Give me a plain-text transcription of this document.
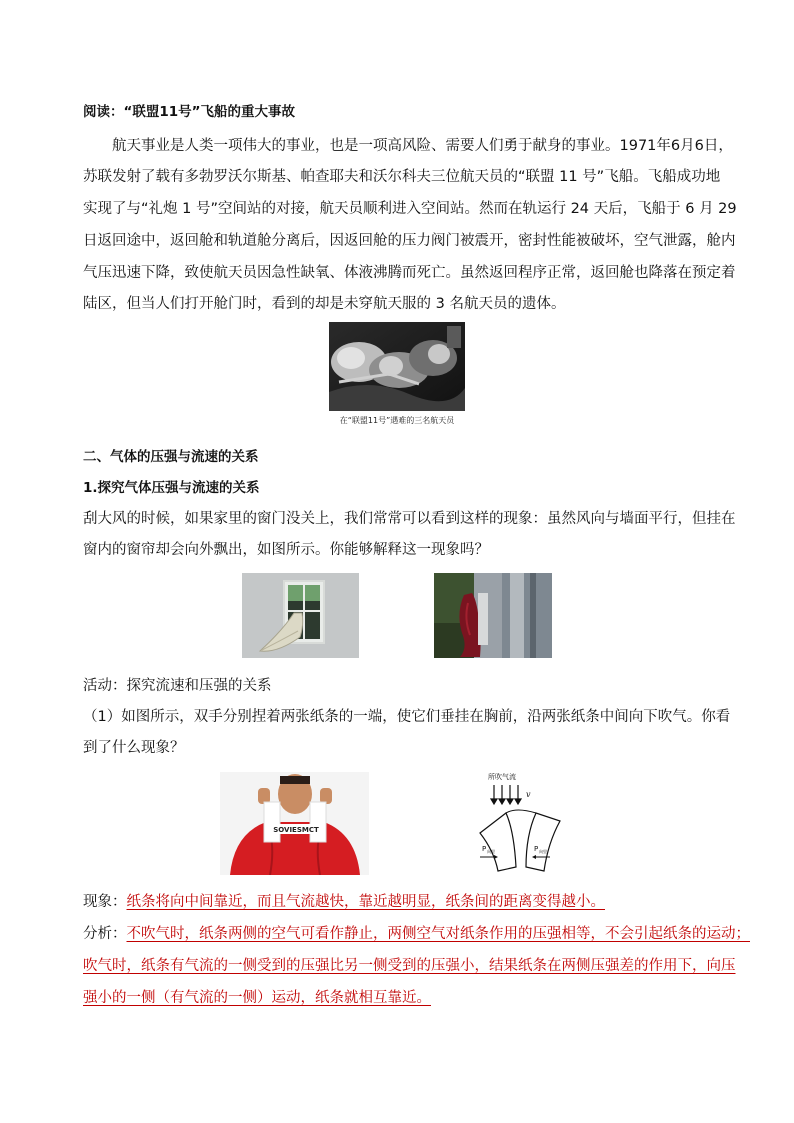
阅读：“联盟11号”飞船的重大事故
航天事业是人类一项伟大的事业，也是一项高风险、需要人们勇于献身的事业。1971年6月6日，
苏联发射了载有多勃罗沃尔斯基、帕查耶夫和沃尔科夫三位航天员的“联盟 11 号”飞船。飞船成功地
实现了与“礼炮 1 号”空间站的对接，航天员顺利进入空间站。然而在轨运行 24 天后，飞船于 6 月 29
日返回途中，返回舱和轨道舱分离后，因返回舱的压力阀门被震开，密封性能被破坏，空气泄露，舱内
气压迅速下降，致使航天员因急性缺氧、体液沸腾而死亡。虽然返回程序正常，返回舱也降落在预定着
陆区，但当人们打开舱门时，看到的却是未穿航天服的 3 名航天员的遗体。
在“联盟11号”遇难的三名航天员
二、气体的压强与流速的关系
1.探究气体压强与流速的关系
刮大风的时候，如果家里的窗门没关上，我们常常可以看到这样的现象：虽然风向与墙面平行，但挂在
窗内的窗帘却会向外飘出，如图所示。你能够解释这一现象吗？
活动：探究流速和压强的关系
（1）如图所示，双手分别捏着两张纸条的一端，使它们垂挂在胸前，沿两张纸条中间向下吹气。你看
到了什么现象？
SOVIESMCT
所吹气流
v
P 向里	P 向里
现象：纸条将向中间靠近，而且气流越快，靠近越明显，纸条间的距离变得越小。
分析：不吹气时，纸条两侧的空气可看作静止，两侧空气对纸条作用的压强相等，不会引起纸条的运动；
吹气时，纸条有气流的一侧受到的压强比另一侧受到的压强小，结果纸条在两侧压强差的作用下，向压
强小的一侧（有气流的一侧）运动，纸条就相互靠近。
